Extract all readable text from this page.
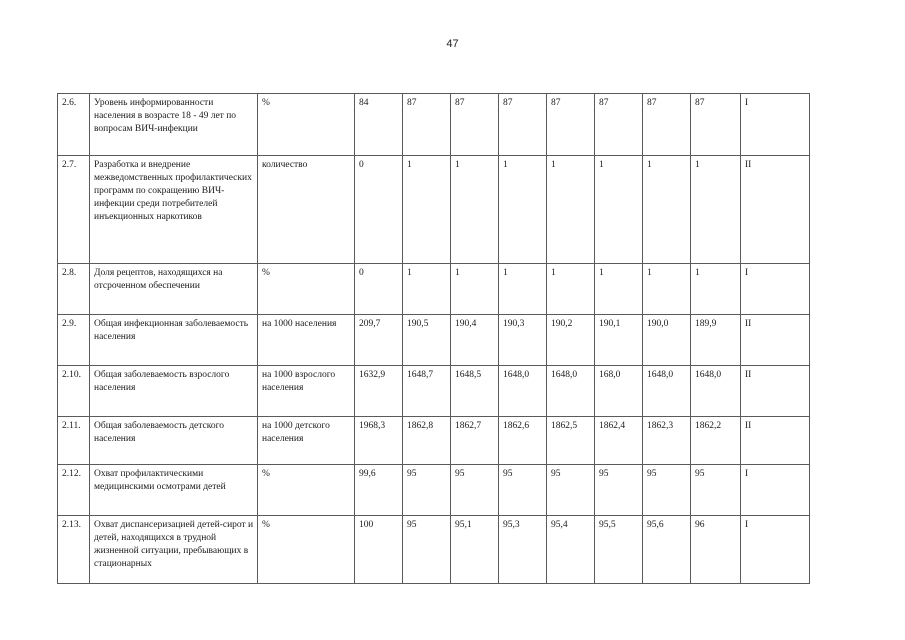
47
2.6.	Уровень информированности населения в возрасте 18 - 49 лет по вопросам ВИЧ-инфекции	%	84	87	87	87	87	87	87	87	I
2.7.	Разработка и внедрение межведомственных профилактических программ по сокращению ВИЧ-инфекции среди потребителей инъекционных наркотиков	количество	0	1	1	1	1	1	1	1	II
2.8.	Доля рецептов, находящихся на отсроченном обеспечении	%	0	1	1	1	1	1	1	1	I
2.9.	Общая инфекционная заболеваемость населения	на 1000 населения	209,7	190,5	190,4	190,3	190,2	190,1	190,0	189,9	II
2.10.	Общая заболеваемость взрослого населения	на 1000 взрослого населения	1632,9	1648,7	1648,5	1648,0	1648,0	168,0	1648,0	1648,0	II
2.11.	Общая заболеваемость детского населения	на 1000 детского населения	1968,3	1862,8	1862,7	1862,6	1862,5	1862,4	1862,3	1862,2	II
2.12.	Охват профилактическими медицинскими осмотрами детей	%	99,6	95	95	95	95	95	95	95	I
2.13.	Охват диспансеризацией детей-сирот и детей, находящихся в трудной жизненной ситуации, пребывающих в стационарных	%	100	95	95,1	95,3	95,4	95,5	95,6	96	I
